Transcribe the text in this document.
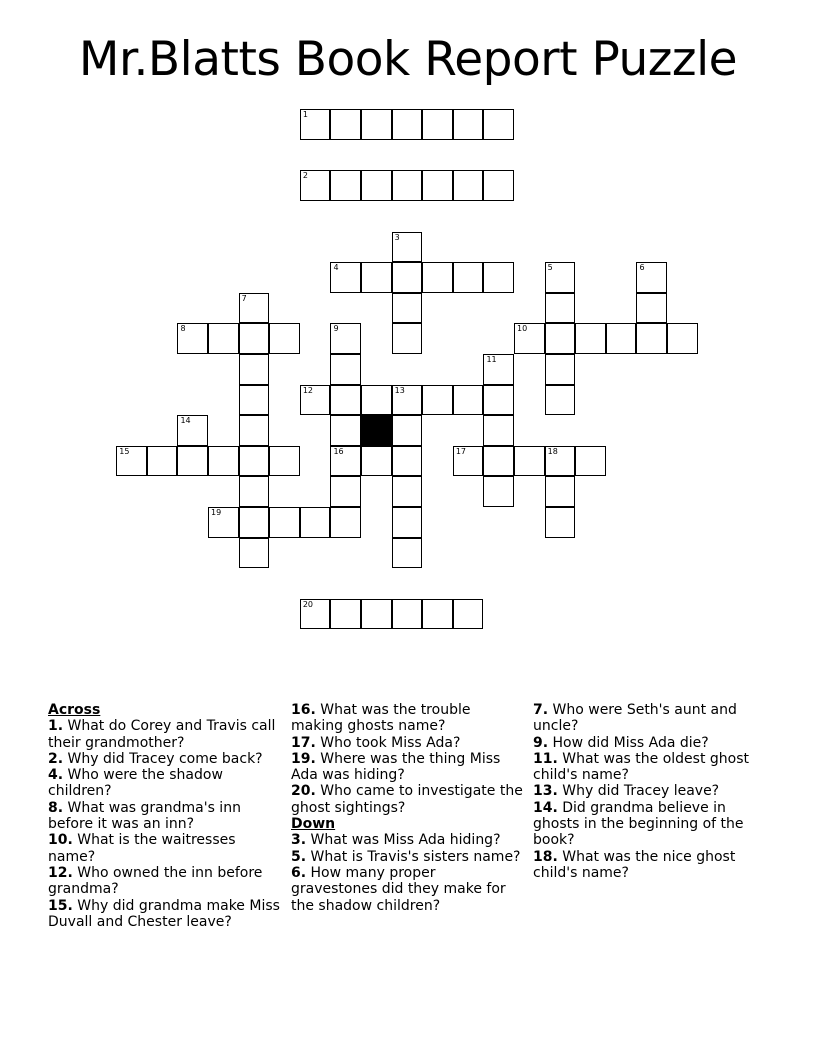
Mr.Blatts Book Report Puzzle
1
2
3
4	5	6
7
8	9
16
10
11
12	13
14
15	17	18
19
20
Across
1. What do Corey and Travis call their grandmother?
2. Why did Tracey come back?
4. Who were the shadow children?
8. What was grandma's inn before it was an inn?
10. What is the waitresses name?
12. Who owned the inn before grandma?
15. Why did grandma make Miss Duvall and Chester leave?
16. What was the trouble making ghosts name?
17. Who took Miss Ada?
19. Where was the thing Miss Ada was hiding?
20. Who came to investigate the ghost sightings?
Down
3. What was Miss Ada hiding?
5. What is Travis's sisters name?
6. How many proper gravestones did they make for the shadow children?
7. Who were Seth's aunt and uncle?
9. How did Miss Ada die?
11. What was the oldest ghost child's name?
13. Why did Tracey leave?
14. Did grandma believe in ghosts in the beginning of the book?
18. What was the nice ghost child's name?
